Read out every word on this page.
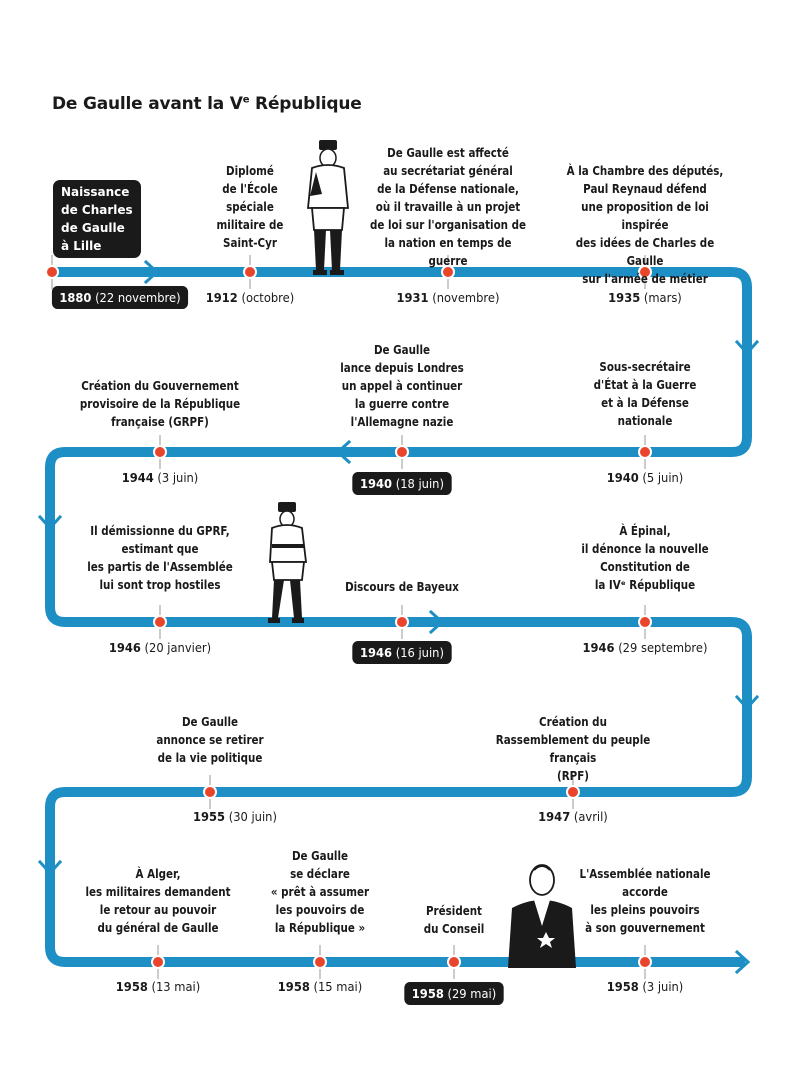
De Gaulle avant la Ve République
Naissance
de Charles
de Gaulle
à Lille
1880 (22 novembre)
Diplomé
de l'École
spéciale
militaire de
Saint-Cyr
1912 (octobre)
De Gaulle est affecté
au secrétariat général
de la Défense nationale,
où il travaille à un projet
de loi sur l'organisation de
la nation en temps de guerre
1931 (novembre)
À la Chambre des députés,
Paul Reynaud défend
une proposition de loi inspirée
des idées de Charles de Gaulle
sur l'armée de métier
1935 (mars)
Sous-secrétaire
d'État à la Guerre
et à la Défense
nationale
1940 (5 juin)
De Gaulle
lance depuis Londres
un appel à continuer
la guerre contre
l'Allemagne nazie
1940 (18 juin)
Création du Gouvernement
provisoire de la République
française (GRPF)
1944 (3 juin)
Il démissionne du GPRF,
estimant que
les partis de l'Assemblée
lui sont trop hostiles
1946 (20 janvier)
Discours de Bayeux
1946 (16 juin)
À Épinal,
il dénonce la nouvelle
Constitution de
la IVᵉ République
1946 (29 septembre)
Création du
Rassemblement du peuple français
(RPF)
1947 (avril)
De Gaulle
annonce se retirer
de la vie politique
1955 (30 juin)
À Alger,
les militaires demandent
le retour au pouvoir
du général de Gaulle
1958 (13 mai)
De Gaulle
se déclare
« prêt à assumer
les pouvoirs de
la République »
1958 (15 mai)
Président
du Conseil
1958 (29 mai)
L'Assemblée nationale
accorde
les pleins pouvoirs
à son gouvernement
1958 (3 juin)
